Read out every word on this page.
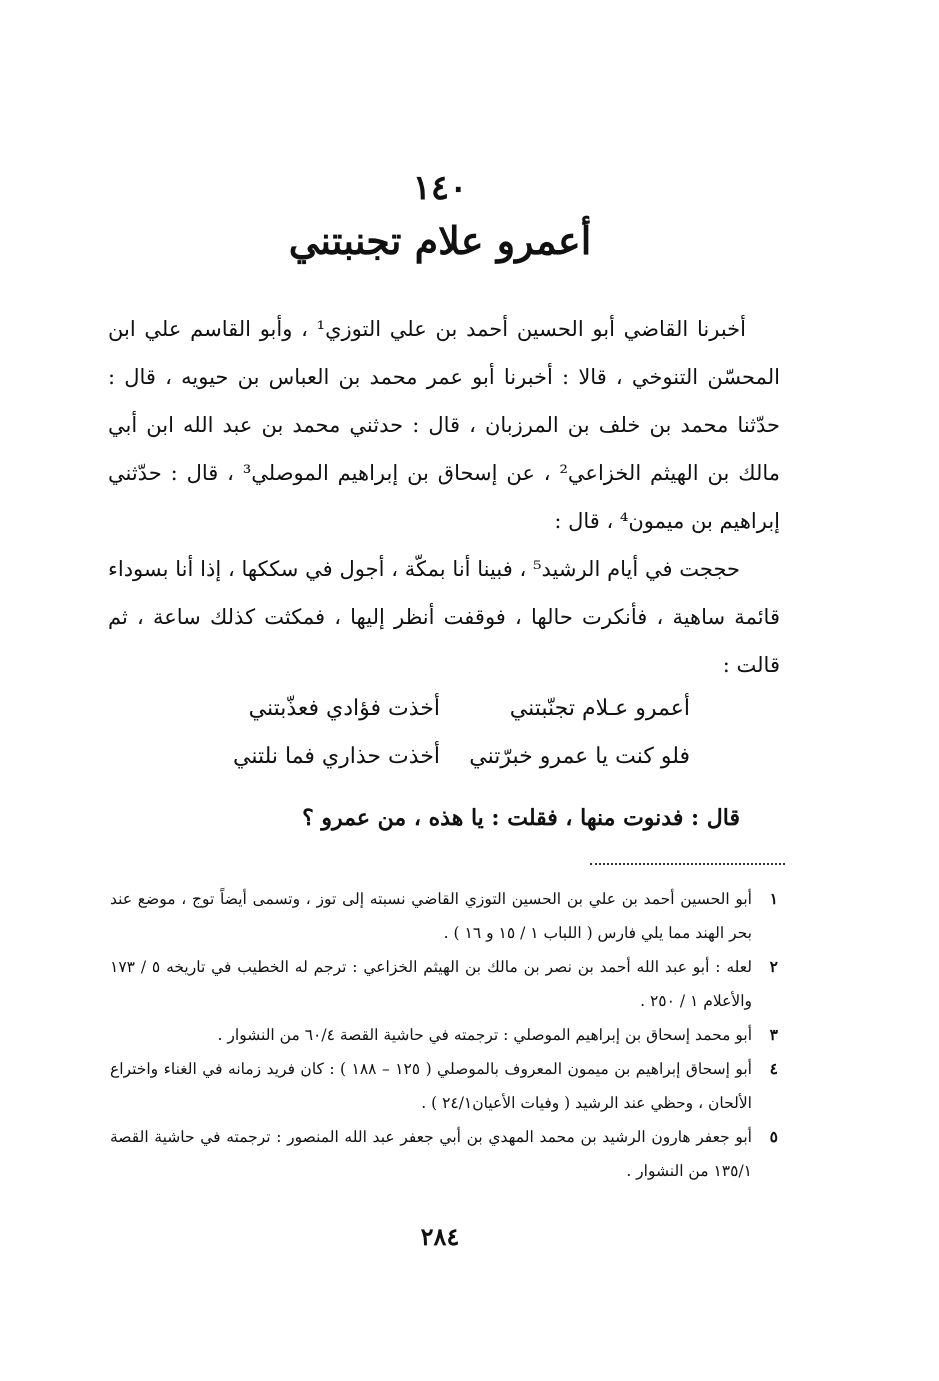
١٤٠
أعمرو علام تجنبتني

أخبرنا القاضي أبو الحسين أحمد بن علي التوزي¹ ، وأبو القاسم علي ابن المحسّن التنوخي ، قالا : أخبرنا أبو عمر محمد بن العباس بن حيويه ، قال : حدّثنا محمد بن خلف بن المرزبان ، قال : حدثني محمد بن عبد الله ابن أبي مالك بن الهيثم الخزاعي² ، عن إسحاق بن إبراهيم الموصلي³ ، قال : حدّثني إبراهيم بن ميمون⁴ ، قال :

حججت في أيام الرشيد⁵ ، فبينا أنا بمكّة ، أجول في سككها ، إذا أنا بسوداء قائمة ساهية ، فأنكرت حالها ، فوقفت أنظر إليها ، فمكثت كذلك ساعة ، ثم قالت :

أعمرو عـلام تجنّبتني
أخذت فؤادي فعذّبتني
فلو كنت يا عمرو خبرّتني
أخذت حذاري فما نلتني
قال : فدنوت منها ، فقلت : يا هذه ، من عمرو ؟
١
أبو الحسين أحمد بن علي بن الحسين التوزي القاضي نسبته إلى توز ، وتسمى أيضاً توج ، موضع عند بحر الهند مما يلي فارس ( اللباب ١ / ١٥ و ١٦ ) .
٢
لعله : أبو عبد الله أحمد بن نصر بن مالك بن الهيثم الخزاعي : ترجم له الخطيب في تاريخه ٥ / ١٧٣ والأعلام ١ / ٢٥٠ .
٣
أبو محمد إسحاق بن إبراهيم الموصلي : ترجمته في حاشية القصة ٦٠/٤ من النشوار .
٤
أبو إسحاق إبراهيم بن ميمون المعروف بالموصلي ( ١٢٥ – ١٨٨ ) : كان فريد زمانه في الغناء واختراع الألحان ، وحظي عند الرشيد ( وفيات الأعيان٢٤/١ ) .
٥
أبو جعفر هارون الرشيد بن محمد المهدي بن أبي جعفر عبد الله المنصور : ترجمته في حاشية القصة ١٣٥/١ من النشوار .
٢٨٤
